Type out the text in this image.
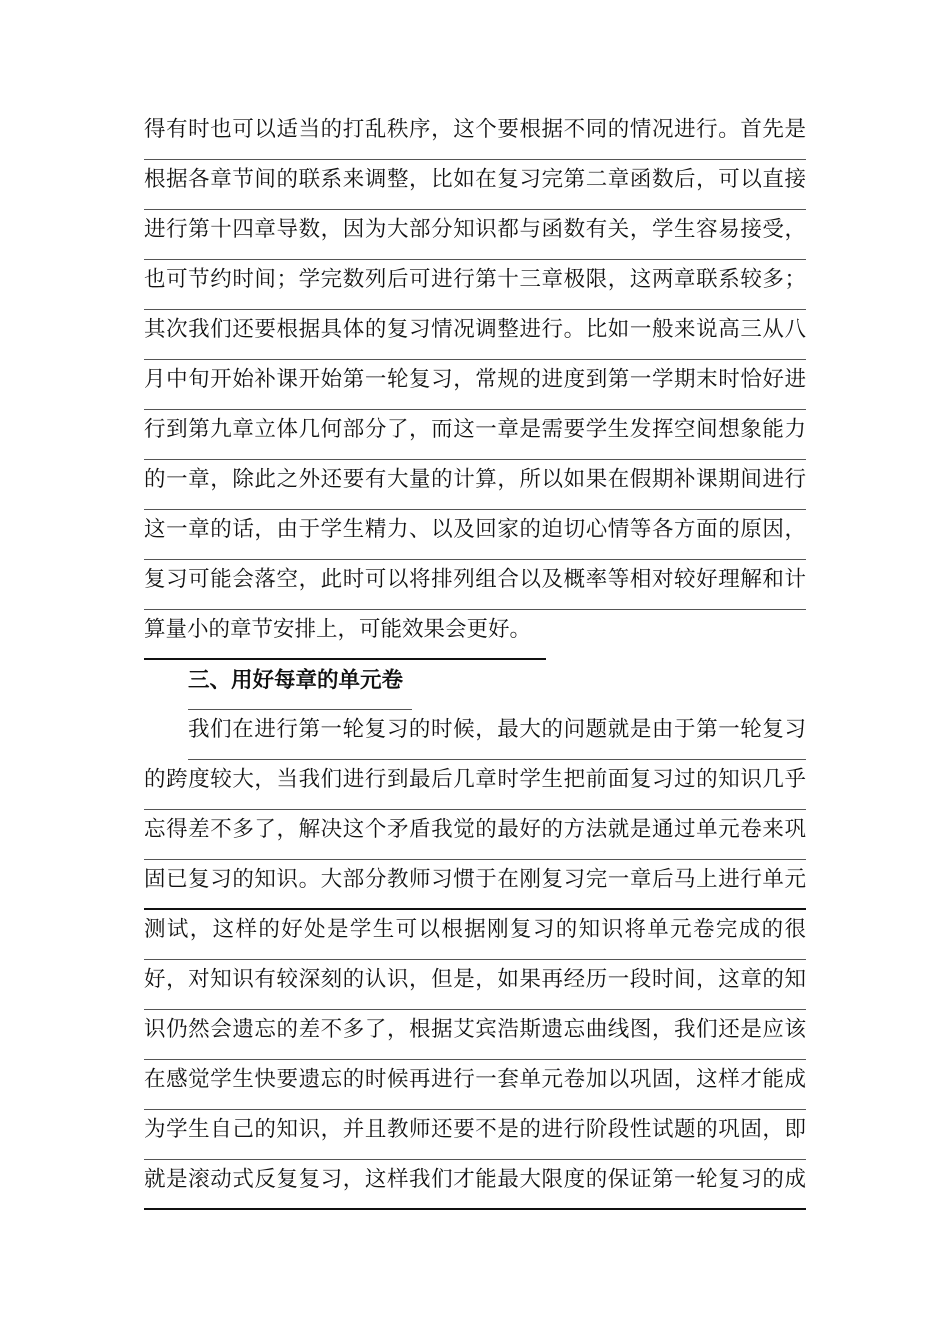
得有时也可以适当的打乱秩序，这个要根据不同的情况进行。首先是
根据各章节间的联系来调整，比如在复习完第二章函数后，可以直接
进行第十四章导数，因为大部分知识都与函数有关，学生容易接受，
也可节约时间；学完数列后可进行第十三章极限，这两章联系较多；
其次我们还要根据具体的复习情况调整进行。比如一般来说高三从八
月中旬开始补课开始第一轮复习，常规的进度到第一学期末时恰好进
行到第九章立体几何部分了，而这一章是需要学生发挥空间想象能力
的一章，除此之外还要有大量的计算，所以如果在假期补课期间进行
这一章的话，由于学生精力、以及回家的迫切心情等各方面的原因，
复习可能会落空，此时可以将排列组合以及概率等相对较好理解和计
算量小的章节安排上，可能效果会更好。
三、用好每章的单元卷
我们在进行第一轮复习的时候，最大的问题就是由于第一轮复习
的跨度较大，当我们进行到最后几章时学生把前面复习过的知识几乎
忘得差不多了，解决这个矛盾我觉的最好的方法就是通过单元卷来巩
固已复习的知识。大部分教师习惯于在刚复习完一章后马上进行单元
测试，这样的好处是学生可以根据刚复习的知识将单元卷完成的很
好，对知识有较深刻的认识，但是，如果再经历一段时间，这章的知
识仍然会遗忘的差不多了，根据艾宾浩斯遗忘曲线图，我们还是应该
在感觉学生快要遗忘的时候再进行一套单元卷加以巩固，这样才能成
为学生自己的知识，并且教师还要不是的进行阶段性试题的巩固，即
就是滚动式反复复习，这样我们才能最大限度的保证第一轮复习的成
